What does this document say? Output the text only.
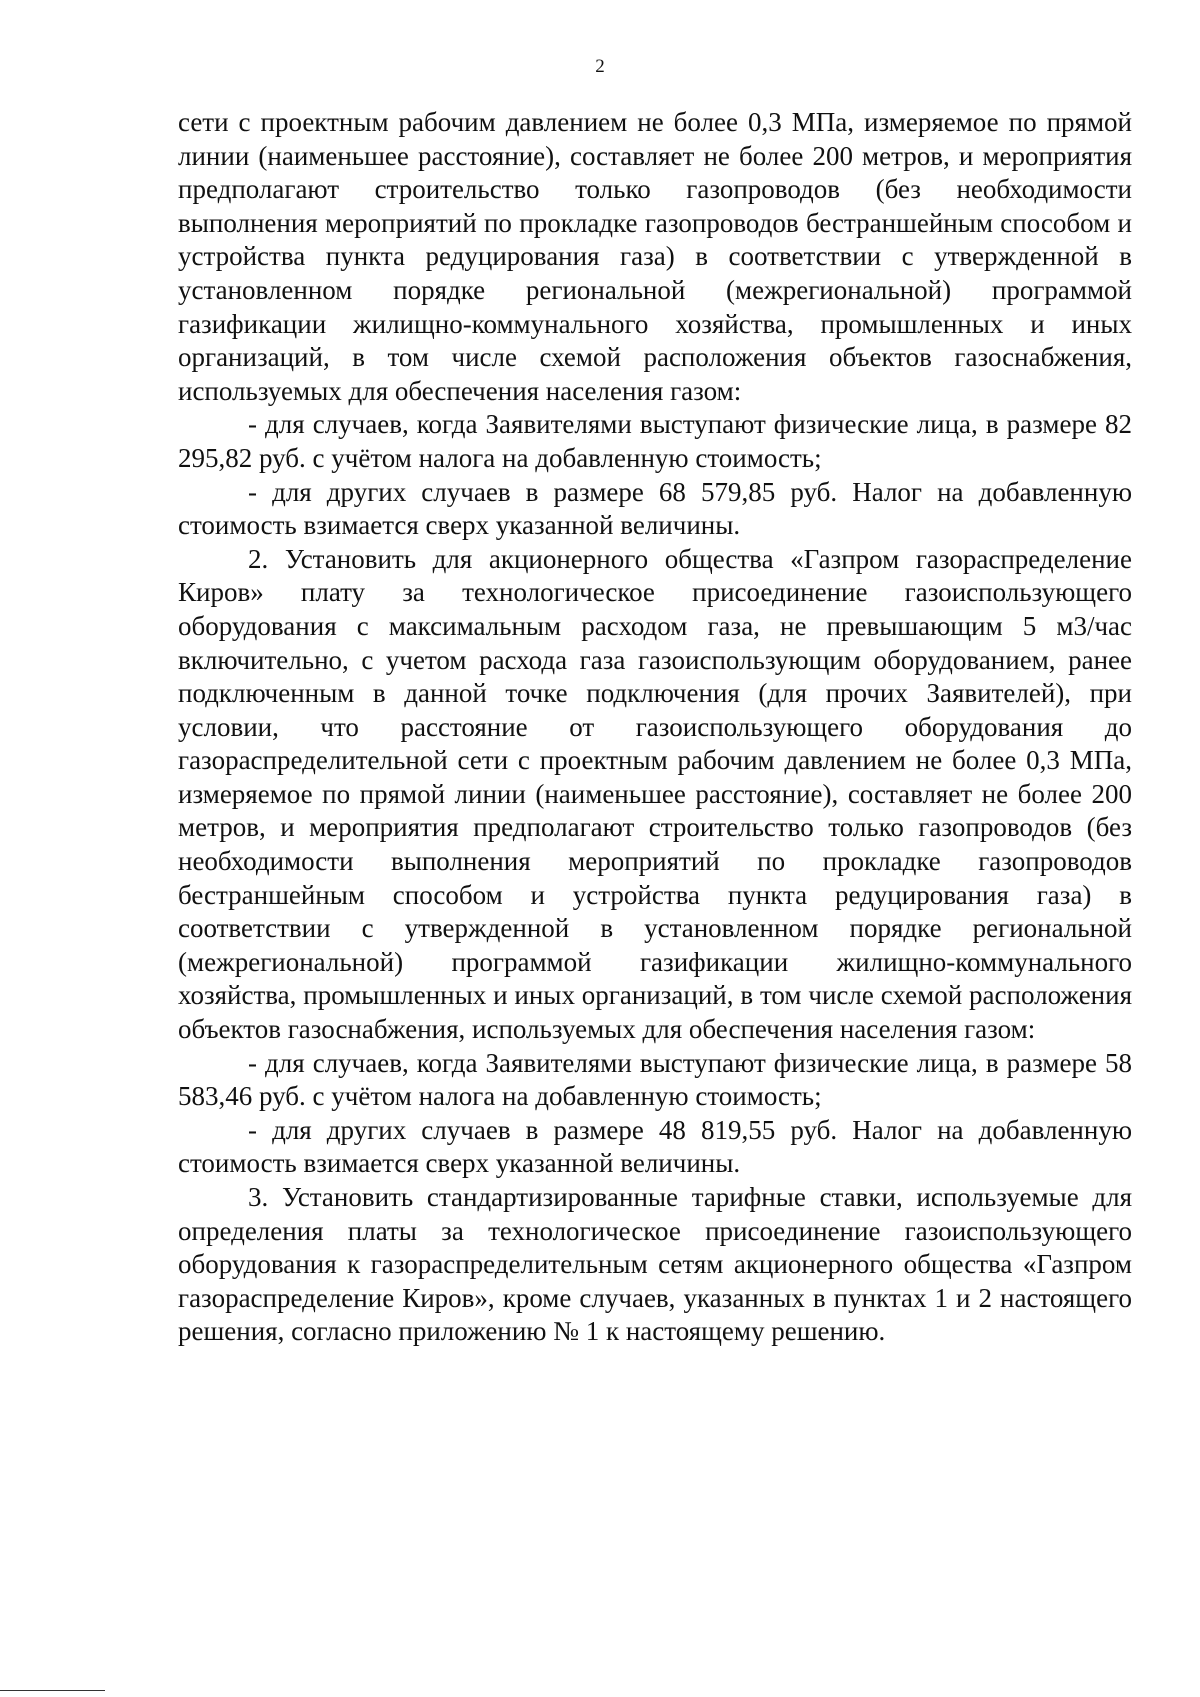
2

сети с проектным рабочим давлением не более 0,3 МПа, измеряемое по прямой линии (наименьшее расстояние), составляет не более 200 метров, и мероприятия предполагают строительство только газопроводов (без необходимости выполнения мероприятий по прокладке газопроводов бестраншейным способом и устройства пункта редуцирования газа) в соответствии с утвержденной в установленном порядке региональной (межрегиональной) программой газификации жилищно-коммунального хозяйства, промышленных и иных организаций, в том числе схемой расположения объектов газоснабжения, используемых для обеспечения населения газом:

- для случаев, когда Заявителями выступают физические лица, в размере 82 295,82 руб. с учётом налога на добавленную стоимость;

- для других случаев в размере 68 579,85 руб. Налог на добавленную стоимость взимается сверх указанной величины.

2. Установить для акционерного общества «Газпром газораспределение Киров» плату за технологическое присоединение газоиспользующего оборудования с максимальным расходом газа, не превышающим 5 м3/час включительно, с учетом расхода газа газоиспользующим оборудованием, ранее подключенным в данной точке подключения (для прочих Заявителей), при условии, что расстояние от газоиспользующего оборудования до газораспределительной сети с проектным рабочим давлением не более 0,3 МПа, измеряемое по прямой линии (наименьшее расстояние), составляет не более 200 метров, и мероприятия предполагают строительство только газопроводов (без необходимости выполнения мероприятий по прокладке газопроводов бестраншейным способом и устройства пункта редуцирования газа) в соответствии с утвержденной в установленном порядке региональной (межрегиональной) программой газификации жилищно-коммунального хозяйства, промышленных и иных организаций, в том числе схемой расположения объектов газоснабжения, используемых для обеспечения населения газом:

- для случаев, когда Заявителями выступают физические лица, в размере 58 583,46 руб. с учётом налога на добавленную стоимость;

- для других случаев в размере 48 819,55 руб. Налог на добавленную стоимость взимается сверх указанной величины.

3. Установить стандартизированные тарифные ставки, используемые для определения платы за технологическое присоединение газоиспользующего оборудования к газораспределительным сетям акционерного общества «Газпром газораспределение Киров», кроме случаев, указанных в пунктах 1 и 2 настоящего решения, согласно приложению № 1 к настоящему решению.
